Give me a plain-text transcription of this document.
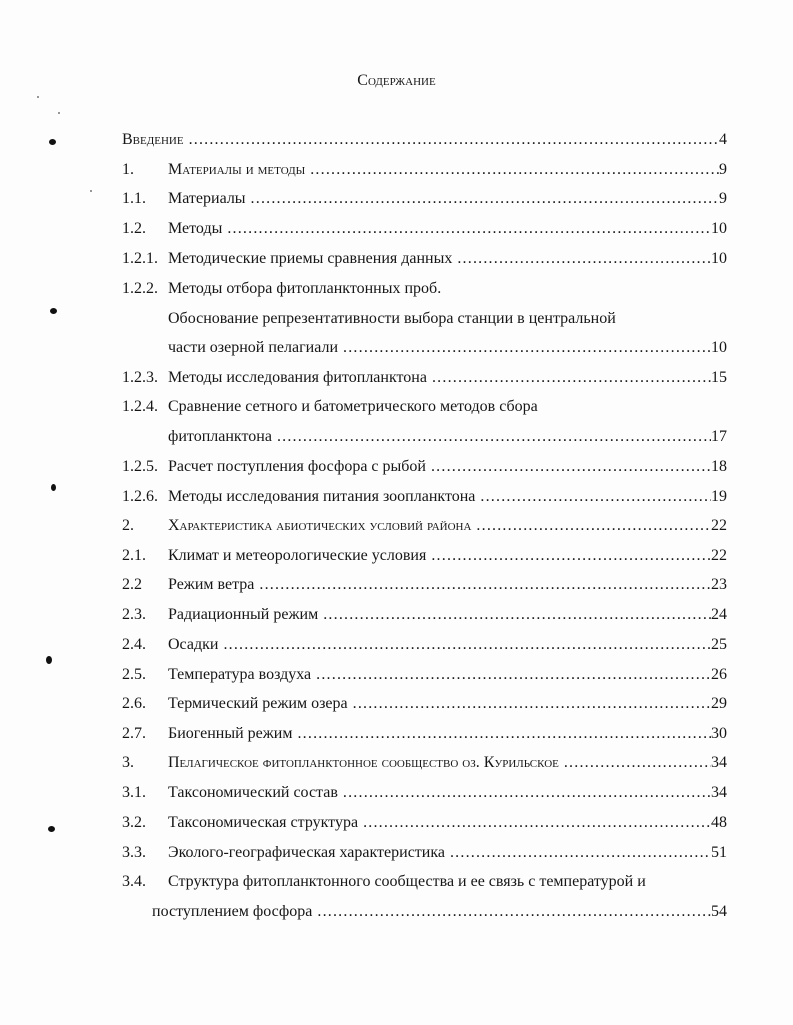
Содержание
Введение .....	4
1. Материалы и методы .....	9
1.1. Материалы .....	9
1.2. Методы .....	10
1.2.1. Методические приемы сравнения данных .....	10
1.2.2. Методы отбора фитопланктонных проб.
Обоснование репрезентативности выбора станции в центральной
части озерной пелагиали .....	10
1.2.3. Методы исследования фитопланктона .....	15
1.2.4. Сравнение сетного и батометрического методов сбора
фитопланктона .....	17
1.2.5. Расчет поступления фосфора с рыбой .....	18
1.2.6. Методы исследования питания зоопланктона .....	19
2. Характеристика абиотических условий района .....	22
2.1. Климат и метеорологические условия .....	22
2.2 Режим ветра .....	23
2.3. Радиационный режим .....	24
2.4. Осадки .....	25
2.5. Температура воздуха .....	26
2.6. Термический режим озера .....	29
2.7. Биогенный режим .....	30
3. Пелагическое фитопланктонное сообщество оз. Курильское .....	34
3.1. Таксономический состав .....	34
3.2. Таксономическая структура .....	48
3.3. Эколого-географическая характеристика .....	51
3.4. Структура фитопланктонного сообщества и ее связь с температурой и
поступлением фосфора .....	54
